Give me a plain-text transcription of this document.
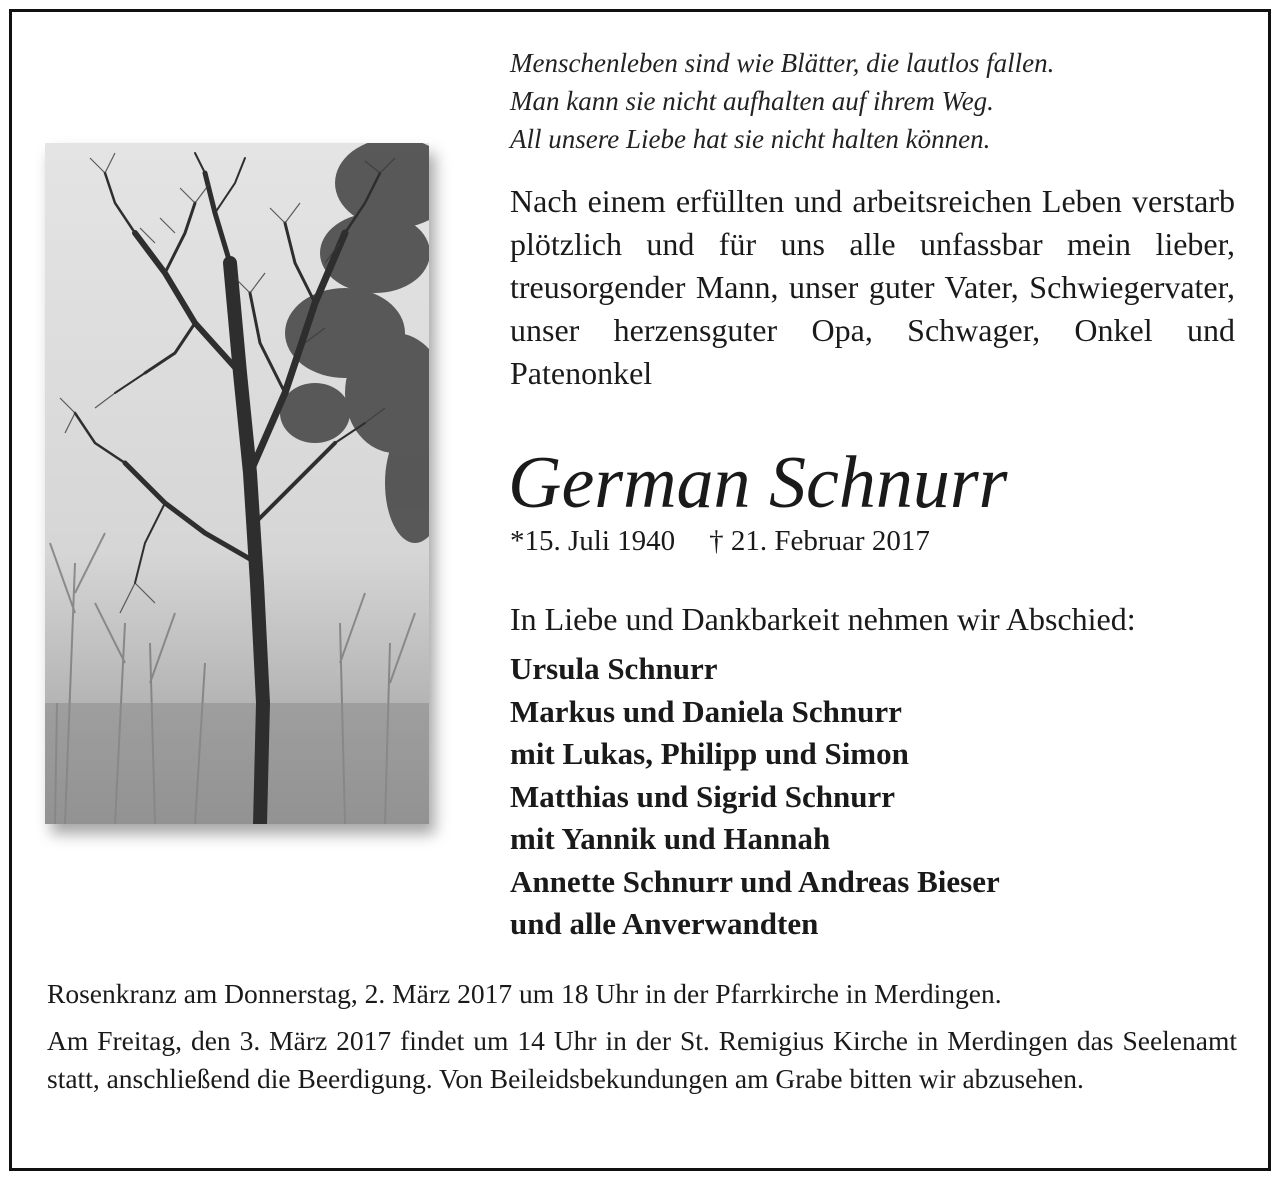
Menschenleben sind wie Blätter, die lautlos fallen.
Man kann sie nicht aufhalten auf ihrem Weg.
All unsere Liebe hat sie nicht halten können.
Nach einem erfüllten und arbeitsreichen Leben verstarb plötzlich und für uns alle unfassbar mein lieber, treusorgender Mann, unser guter Vater, Schwiegervater, unser herzensguter Opa, Schwager, Onkel und Patenonkel
German Schnurr
*15. Juli 1940 † 21. Februar 2017
In Liebe und Dankbarkeit nehmen wir Abschied:
Ursula Schnurr
Markus und Daniela Schnurr
mit Lukas, Philipp und Simon
Matthias und Sigrid Schnurr
mit Yannik und Hannah
Annette Schnurr und Andreas Bieser
und alle Anverwandten
Rosenkranz am Donnerstag, 2. März 2017 um 18 Uhr in der Pfarrkirche in Merdingen.
Am Freitag, den 3. März 2017 findet um 14 Uhr in der St. Remigius Kirche in Merdingen das Seelenamt statt, anschließend die Beerdigung. Von Beileidsbekundungen am Grabe bitten wir abzusehen.
